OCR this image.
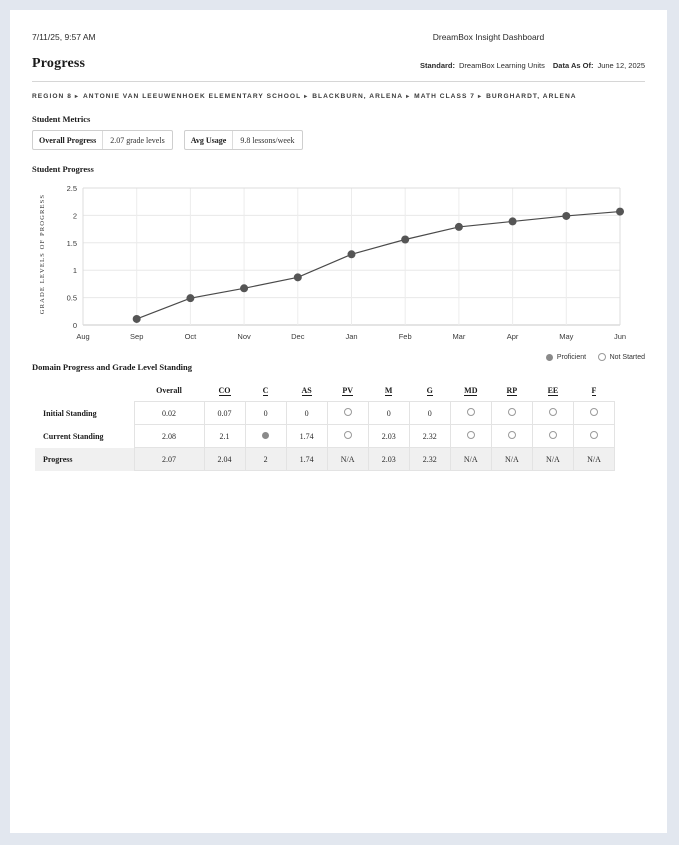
7/11/25, 9:57 AM	DreamBox Insight Dashboard
Progress	Standard: DreamBox Learning Units Data As Of: June 12, 2025
REGION 8 ▸ ANTONIE VAN LEEUWENHOEK ELEMENTARY SCHOOL ▸ BLACKBURN, ARLENA ▸ MATH CLASS 7 ▸ BURGHARDT, ARLENA
Student Metrics
Overall Progress	2.07 grade levels	Avg Usage	9.8 lessons/week
Student Progress
GRADE LEVELS OF PROGRESS
0
0.5
1
1.5
2
2.5
Aug	Sep	Oct	Nov	Dec	Jan	Feb	Mar	Apr	May	Jun
Proficient	Not Started
Domain Progress and Grade Level Standing
	Overall	CO	C	AS	PV	M	G	MD	RP	EE	F
Initial Standing	0.02	0.07	0	0		0	0				
Current Standing	2.08	2.1		1.74		2.03	2.32				
Progress	2.07	2.04	2	1.74	N/A	2.03	2.32	N/A	N/A	N/A	N/A
